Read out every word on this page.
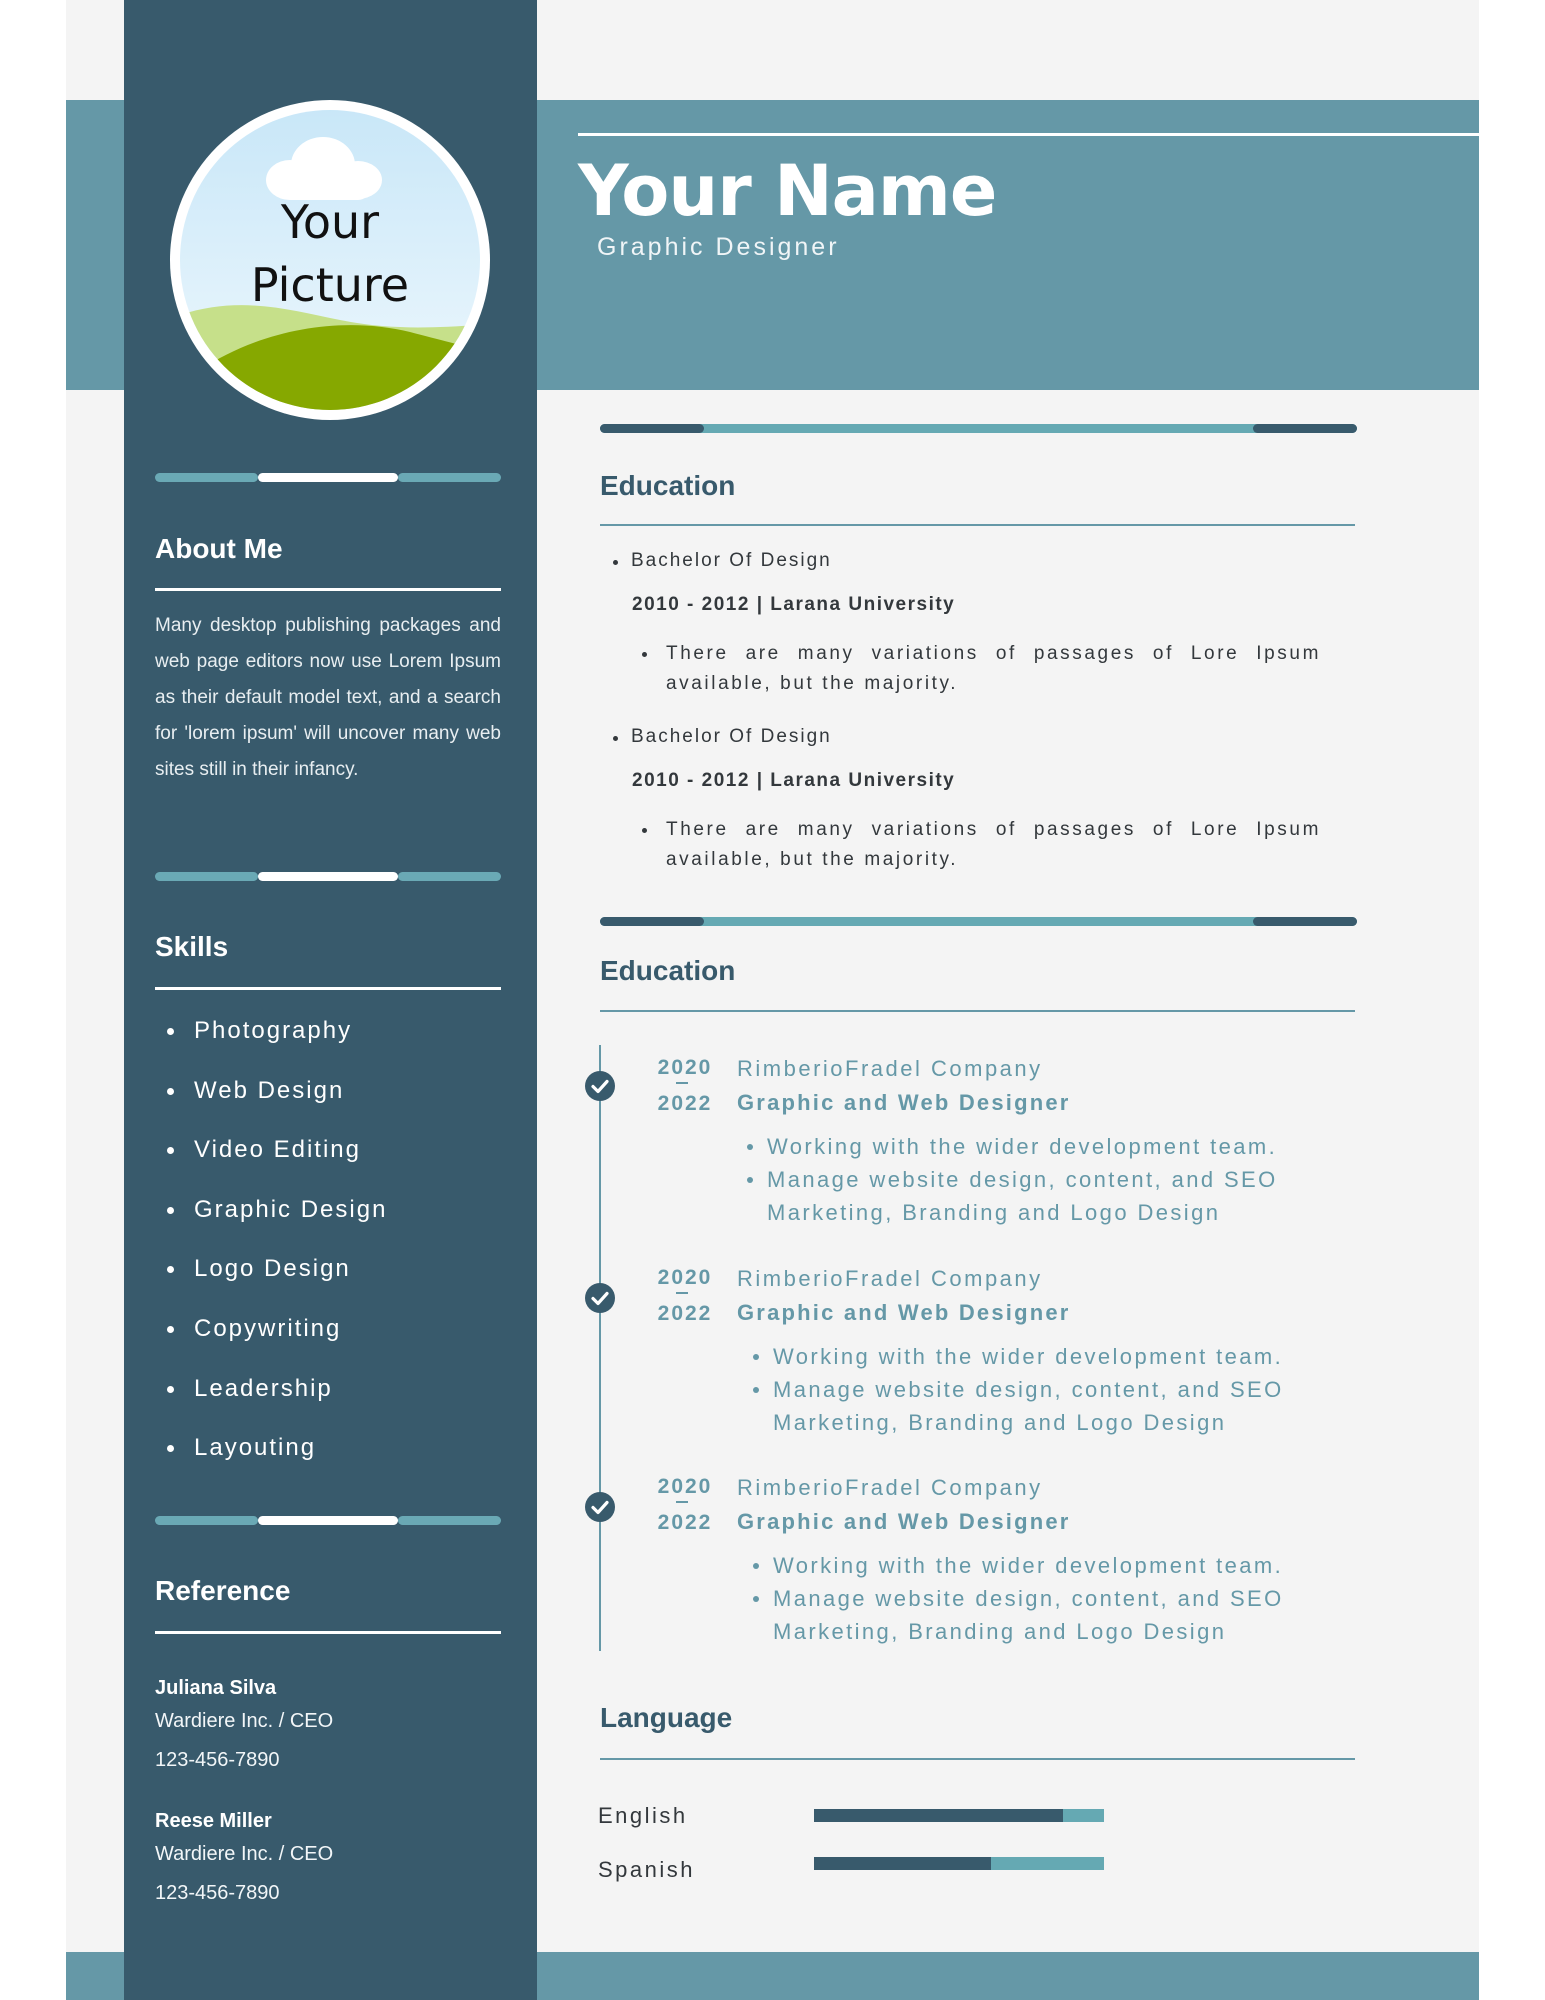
Your Name
Graphic Designer
Your
Picture
About Me
Many desktop publishing packages and web page editors now use Lorem Ipsum as their default model text, and a search for 'lorem ipsum' will uncover many web sites still in their infancy.
Skills
Photography
Web Design
Video Editing
Graphic Design
Logo Design
Copywriting
Leadership
Layouting
Reference
Juliana Silva
Wardiere Inc. / CEO
123-456-7890
Reese Miller
Wardiere Inc. / CEO
123-456-7890
Education
Bachelor Of Design
2010 - 2012 | Larana University
There are many variations of passages of Lore Ipsum available, but the majority.
Bachelor Of Design
2010 - 2012 | Larana University
There are many variations of passages of Lore Ipsum available, but the majority.
Education
2020
2022
RimberioFradel Company
Graphic and Web Designer
Working with the wider development team.
Manage website design, content, and SEO Marketing, Branding and Logo Design
2020
2022
RimberioFradel Company
Graphic and Web Designer
Working with the wider development team.
Manage website design, content, and SEO Marketing, Branding and Logo Design
2020
2022
RimberioFradel Company
Graphic and Web Designer
Working with the wider development team.
Manage website design, content, and SEO Marketing, Branding and Logo Design
Language
English
Spanish
